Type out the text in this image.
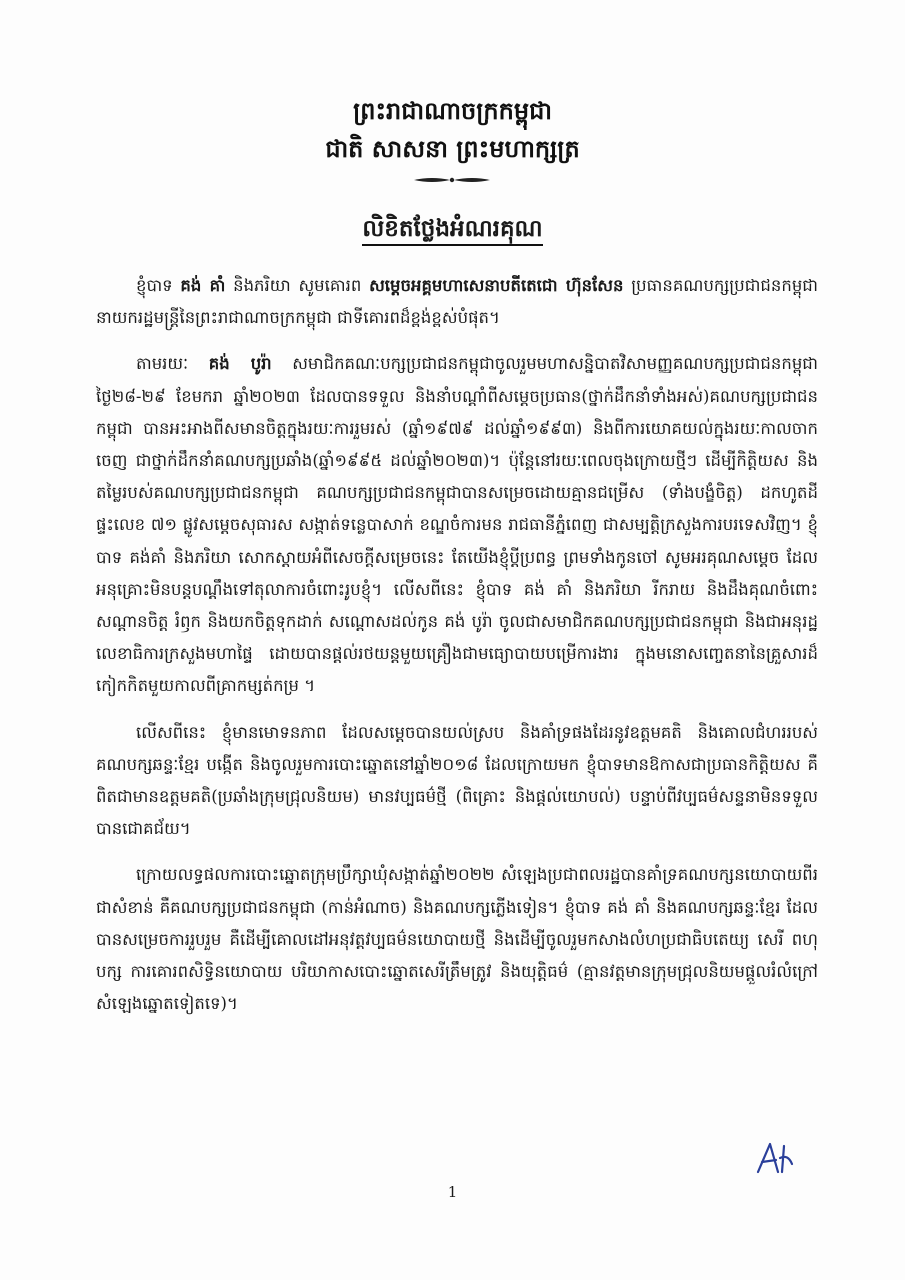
ព្រះរាជាណាចក្រកម្ពុជា
ជាតិ សាសនា ព្រះមហាក្សត្រ
លិខិតថ្លែងអំណរគុណ

ខ្ញុំបាទ គង់ គាំ និងភរិយា សូមគោរព សម្តេចអគ្គមហាសេនាបតីតេជោ ហ៊ុនសែន ប្រធានគណបក្សប្រជាជនកម្ពុជា នាយករដ្ឋមន្ត្រីនៃព្រះរាជាណាចក្រកម្ពុជា ជាទីគោរពដ៏ខ្ពង់ខ្ពស់បំផុត។

តាមរយៈ គង់ បូរ៉ា សមាជិកគណៈបក្សប្រជាជនកម្ពុជាចូលរួមមហាសន្និបាតវិសាមញ្ញគណបក្សប្រជាជនកម្ពុជាថ្ងៃ២៨-២៩ ខែមករា ឆ្នាំ២០២៣ ដែលបានទទួល និងនាំបណ្តាំពីសម្តេចប្រធាន(ថ្នាក់ដឹកនាំទាំងអស់)គណបក្សប្រជាជនកម្ពុជា បានអះអាងពីសមានចិត្តក្នុងរយៈការរួមរស់ (ឆ្នាំ១៩៧៩ ដល់ឆ្នាំ១៩៩៣) និងពីការយោគយល់ក្នុងរយៈកាលចាកចេញ ជាថ្នាក់ដឹកនាំគណបក្សប្រឆាំង(ឆ្នាំ១៩៩៥ ដល់ឆ្នាំ២០២៣)។ ប៉ុន្តែនៅរយៈពេលចុងក្រោយថ្មីៗ ដើម្បីកិត្តិយស និងតម្លៃរបស់គណបក្សប្រជាជនកម្ពុជា គណបក្សប្រជាជនកម្ពុជាបានសម្រេចដោយគ្មានជម្រើស (ទាំងបង្ខំចិត្ត) ដកហូតដីផ្ទះលេខ ៧១ ផ្លូវសម្តេចសុធារស សង្កាត់ទន្លេបាសាក់ ខណ្ឌចំការមន រាជធានីភ្នំពេញ ជាសម្បត្តិក្រសួងការបរទេសវិញ។ ខ្ញុំបាទ គង់គាំ និងភរិយា សោកស្តាយអំពីសេចក្តីសម្រេចនេះ តែយើងខ្ញុំប្តីប្រពន្ធ ព្រមទាំងកូនចៅ សូមអរគុណសម្តេច ដែលអនុគ្រោះមិនបន្តបណ្តឹងទៅតុលាការចំពោះរូបខ្ញុំ។ លើសពីនេះ ខ្ញុំបាទ គង់ គាំ និងភរិយា រីករាយ និងដឹងគុណចំពោះសណ្តានចិត្ត រំឭក និងយកចិត្តទុកដាក់ សណ្តោសដល់កូន គង់ បូរ៉ា ចូលជាសមាជិកគណបក្សប្រជាជនកម្ពុជា និងជាអនុរដ្ឋលេខាធិការក្រសួងមហាផ្ទៃ ដោយបានផ្តល់រថយន្តមួយគ្រឿងជាមធ្យោបាយបម្រើការងារ ក្នុងមនោសញ្ចេតនានៃគ្រួសារដ៏កៀកកិតមួយកាលពីគ្រាកម្សត់កម្រ ។

លើសពីនេះ ខ្ញុំមានមោទនភាព ដែលសម្តេចបានយល់ស្រប និងគាំទ្រផងដែរនូវឧត្តមគតិ និងគោលជំហររបស់គណបក្សឆន្ទៈខ្មែរ បង្កើត និងចូលរួមការបោះឆ្នោតនៅឆ្នាំ២០១៨ ដែលក្រោយមក ខ្ញុំបាទមានឱកាសជាប្រធានកិត្តិយស គឺពិតជាមានឧត្តមគតិ(ប្រឆាំងក្រុមជ្រុលនិយម) មានវប្បធម៌ថ្មី (ពិគ្រោះ និងផ្តល់យោបល់) បន្ទាប់ពីវប្បធម៌សន្ទនាមិនទទួលបានជោគជ័យ។

ក្រោយលទ្ធផលការបោះឆ្នោតក្រុមប្រឹក្សាឃុំសង្កាត់ឆ្នាំ២០២២ សំឡេងប្រជាពលរដ្ឋបានគាំទ្រគណបក្សនយោបាយពីរជាសំខាន់ គឺគណបក្សប្រជាជនកម្ពុជា (កាន់អំណាច) និងគណបក្សភ្លើងទៀន។ ខ្ញុំបាទ គង់ គាំ និងគណបក្សឆន្ទៈខ្មែរ ដែលបានសម្រេចការរួបរួម គឺដើម្បីគោលដៅអនុវត្តវប្បធម៌នយោបាយថ្មី និងដើម្បីចូលរួមកសាងលំហប្រជាធិបតេយ្យ សេរី ពហុបក្ស ការគោរពសិទ្ធិនយោបាយ បរិយាកាសបោះឆ្នោតសេរីត្រឹមត្រូវ និងយុត្តិធម៌ (គ្មានវត្តមានក្រុមជ្រុលនិយមផ្តួលរំលំក្រៅសំឡេងឆ្នោតទៀតទេ)។

1
